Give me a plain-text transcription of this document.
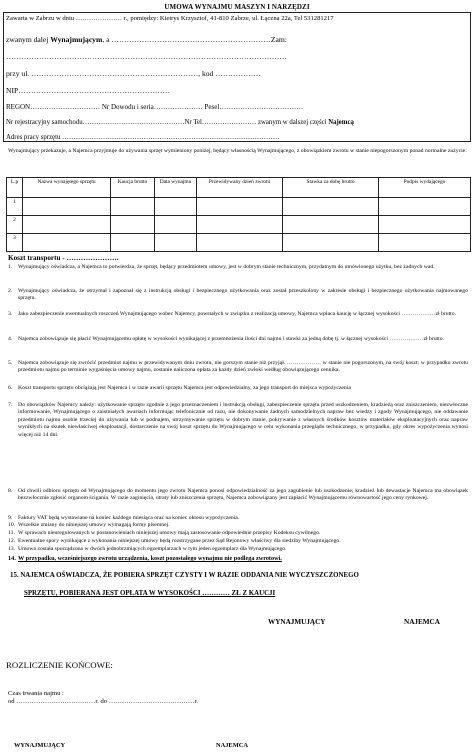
UMOWA WYNAJMU MASZYN I NARZĘDZI
Zawarta w Zabrzu w dniu ………………… r., pomiędzy: Kietrys Krzysztof, 41-810 Zabrze, ul. Łączna 22a, Tel 531281217
zwanym dalej Wynajmującym, a ………………………………………………………Zam:
…………………………………………………………………………………………………
przy ul. …………………………………………………………, kod ………………
NIP……………………………………………………
REGON………………………… Nr Dowodu i seria………………… Pesel………………………………
Nr rejestracyjny samochodu………………………………………Nr Tel…………………… zwanym w dalszej części Najemcą
Adres pracy sprzętu ……………………………………………………………………………………
Wynajmujący przekazuje, a Najemca przyjmuje do używania sprzęt wymieniony poniżej, będący własnością Wynajmującego, z obowiązkiem zwrotu w stanie niepogorszonym ponad normalne zużycie:
L.p	Nazwa wynajętego sprzętu	Kaucja brutto	Data wynajmu	Przewidywany dzień zwrotu	Stawka za dobę brutto	Podpis wydającego
1						
2						
3						
Koszt transportu - ………………….
1. Wynajmujący oświadcza, a Najemca to potwierdza, że sprzęt, będący przedmiotem umowy, jest w dobrym stanie technicznym, przydatnym do umówionego użytku, bez żadnych wad.
2. Wynajmujący oświadcza, że otrzymał i zapoznał się z instrukcją obsługi i bezpiecznego użytkowania oraz został przeszkolony w zakresie obsługi i bezpiecznego użytkowania najmowanego sprzętu.
3. Jako zabezpieczenie ewentualnych roszczeń Wynajmującego wobec Najemcy, powstałych w związku z realizacją umowy, Najemca wpłaca kaucję w łącznej wysokości ………………zł brutto.
4. Najemca zobowiązuje się płacić Wynajmującemu opłatę w wysokości wynikającej z przemnożenia ilości dni najmu i stawki za jedną dobę tj. w łącznej wysokości ………………zł brutto.
5. Najemca zobowiązuje się zwrócić przedmiot najmu w przewidywanym dniu zwrotu, nie gorszym stanie niż przyjął. ……………… w stanie nie pogorszonym, na swój koszt; w przypadku zwrotu przedmiotu najmu po terminie wygaśnięcia umowy najmu, zostanie naliczona opłata za każdy dzień zwłoki według obowiązującego cennika.
6. Koszt transportu sprzętu obciążają jest Najemca i w razie awarii sprzętu Najemca jest odpowiedzialny, za jego transport do miejsca wypożyczenia
7. Do obowiązków Najemcy należy: użytkowanie sprzętu zgodnie z jego przeznaczeniem i instrukcją obsługi, zabezpieczenie sprzętu przed uszkodzeniem, kradzieżą oraz zniszczeniem, niezwłoczne informowanie, Wynajmującego o zaistniałych awariach informując telefonicznie od razu, nie dokonywanie żadnych samodzielnych napraw bez wiedzy i zgody Wynajmującego, nie oddawanie przedmiotu najmu osobie trzeciej do używania lub w podnajem, utrzymywanie sprzętu w dobrym stanie, pokrywanie z własnych środków kosztów materiałów eksploatacyjnych oraz napraw wynikłych na skutek niewłaściwej eksploatacji, dostarczenie na swój koszt sprzętu do Wynajmującego w celu wykonania przeglądu technicznego, w przypadku, gdy okres wypożyczenia wynosi więcej niż 14 dni.
8. Od chwili odbioru sprzętu od Wynajmującego do momentu jego zwrotu Najemca ponosi odpowiedzialność za jego zagubienie lub uszkodzenie; kradzież lub dewastacje Najemca ma obowiązek bezzwłocznie zgłosić organom ścigania. W razie zaginięcia, utraty lub zniszczenia sprzętu, Najemca zobowiązany jest zapłacić Wynajmującemu równowartość jego ceny rynkowej.
9. Faktury VAT będą wystawiane na koniec każdego miesiąca oraz na koniec okresu wypożyczenia.
10. Wszelkie zmiany do niniejszej umowy wymagają formy pisemnej.
11. W sprawach nieuregulowanych w postanowieniach niniejszej umowy mają zastosowanie odpowiednie przepisy Kodeksu cywilnego.
12. Ewentualne spory wynikające z wykonania niniejszej umowy będą rozstrzygane przez Sąd Rejonowy właściwy dla siedziby Wynajmującego.
13. Umowa została sporządzona w dwóch jednobrzmiących egzemplarzach w tym jeden egzemplarz dla Wynajmującego.
14. W przypadku, wcześniejszego zwrotu urządzenia, koszt pozostałego wynajmu nie podlega zwrotowi.
15. NAJEMCA OŚWIADCZA, ŻE POBIERA SPRZĘT CZYSTY I W RAZIE ODDANIA NIE WYCZYSZCZONEGO
SPRZĘTU, POBIERANA JEST OPŁATA W WYSOKOŚCI ………… ZŁ Z KAUCJI
WYNAJMUJĄCY	NAJEMCA
ROZLICZENIE KOŃCOWE:
Czas trwania najmu :
od ………………………………r. do …………………………………r.
WYNAJMUJĄCY	NAJEMCA
